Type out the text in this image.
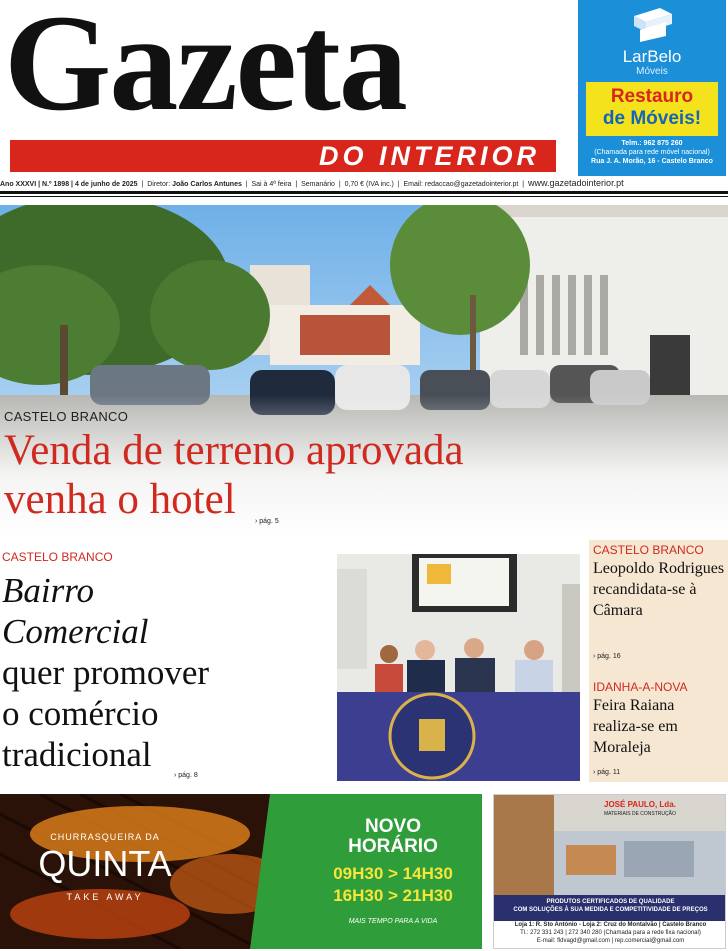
Gazeta
DO INTERIOR
LarBelo
Móveis
Restauro
de Móveis!
Telm.: 962 875 260
(Chamada para rede móvel nacional)
Rua J. A. Morão, 16 - Castelo Branco
Ano XXXVI | N.º 1898 | 4 de junho de 2025  |  Diretor: João Carlos Antunes  |  Sai à 4ª feira  |  Semanário  |  0,70 € (IVA inc.)  |  Email: redaccao@gazetadointerior.pt  |  www.gazetadointerior.pt
CASTELO BRANCO
Venda de terreno aprovada
venha o hotel	› pág. 5
CASTELO BRANCO
Bairro
Comercial
quer promover
o comércio
tradicional
› pág. 8
CASTELO BRANCO
Leopoldo Rodrigues recandidata-se à Câmara
› pág. 16
IDANHA-A-NOVA
Feira Raiana realiza-se em Moraleja
› pág. 11
CHURRASQUEIRA DA
QUINTA
TAKE AWAY
NOVO
HORÁRIO
09H30 > 14H30
16H30 > 21H30
MAIS TEMPO PARA A VIDA
JOSÉ PAULO, Lda.
MATERIAIS DE CONSTRUÇÃO
PRODUTOS CERTIFICADOS DE QUALIDADE
COM SOLUÇÕES À SUA MEDIDA E COMPETITIVIDADE DE PREÇOS
Loja 1: R. Sto António - Loja 2: Cruz do Montalvão | Castelo Branco
Tl.: 272 331 243 | 272 340 280 (Chamada para a rede fixa nacional)
E-mail: fldvagd@gmail.com | rep.comercial@gmail.com
